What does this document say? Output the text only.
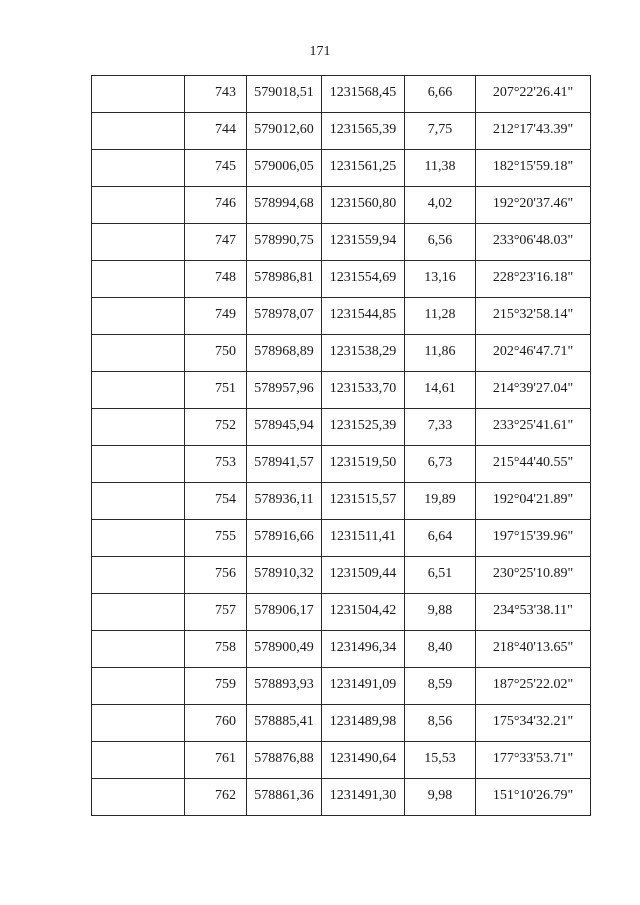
171

	743	579018,51	1231568,45	6,66	207°22'26.41"

	744	579012,60	1231565,39	7,75	212°17'43.39"

	745	579006,05	1231561,25	11,38	182°15'59.18"

	746	578994,68	1231560,80	4,02	192°20'37.46"

	747	578990,75	1231559,94	6,56	233°06'48.03"

	748	578986,81	1231554,69	13,16	228°23'16.18"

	749	578978,07	1231544,85	11,28	215°32'58.14"

	750	578968,89	1231538,29	11,86	202°46'47.71"

	751	578957,96	1231533,70	14,61	214°39'27.04"

	752	578945,94	1231525,39	7,33	233°25'41.61"

	753	578941,57	1231519,50	6,73	215°44'40.55"

	754	578936,11	1231515,57	19,89	192°04'21.89"

	755	578916,66	1231511,41	6,64	197°15'39.96"

	756	578910,32	1231509,44	6,51	230°25'10.89"

	757	578906,17	1231504,42	9,88	234°53'38.11"

	758	578900,49	1231496,34	8,40	218°40'13.65"

	759	578893,93	1231491,09	8,59	187°25'22.02"

	760	578885,41	1231489,98	8,56	175°34'32.21"

	761	578876,88	1231490,64	15,53	177°33'53.71"

	762	578861,36	1231491,30	9,98	151°10'26.79"
